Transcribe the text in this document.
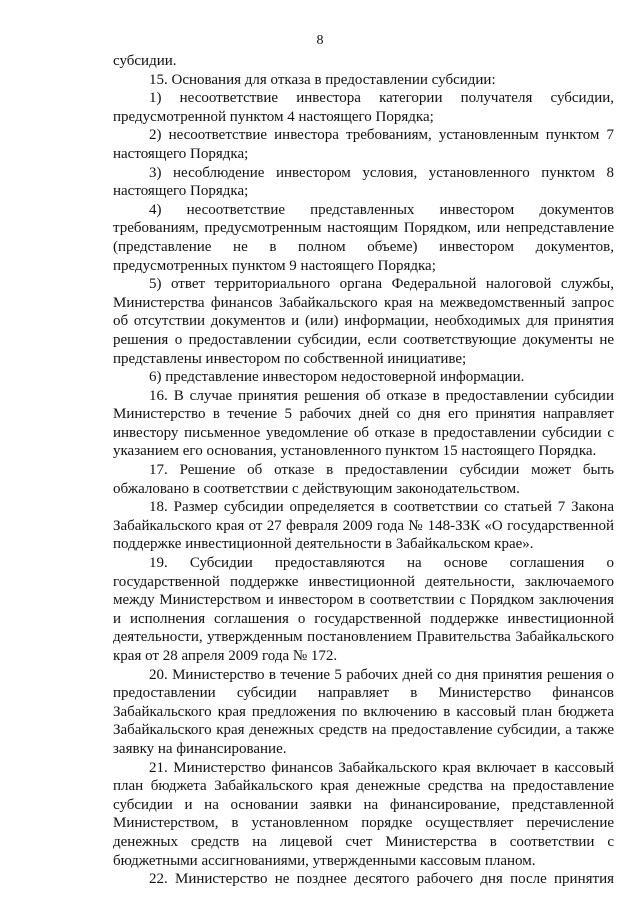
8
субсидии.
15. Основания для отказа в предоставлении субсидии:
1) несоответствие инвестора категории получателя субсидии,
предусмотренной пунктом 4 настоящего Порядка;
2) несоответствие инвестора требованиям, установленным пунктом 7
настоящего Порядка;
3) несоблюдение инвестором условия, установленного пунктом 8
настоящего Порядка;
4) несоответствие представленных инвестором документов
требованиям, предусмотренным настоящим Порядком, или непредставление
(представление не в полном объеме) инвестором документов,
предусмотренных пунктом 9 настоящего Порядка;
5) ответ территориального органа Федеральной налоговой службы,
Министерства финансов Забайкальского края на межведомственный запрос
об отсутствии документов и (или) информации, необходимых для принятия
решения о предоставлении субсидии, если соответствующие документы не
представлены инвестором по собственной инициативе;
6) представление инвестором недостоверной информации.
16. В случае принятия решения об отказе в предоставлении субсидии
Министерство в течение 5 рабочих дней со дня его принятия направляет
инвестору письменное уведомление об отказе в предоставлении субсидии с
указанием его основания, установленного пунктом 15 настоящего Порядка.
17. Решение об отказе в предоставлении субсидии может быть
обжаловано в соответствии с действующим законодательством.
18. Размер субсидии определяется в соответствии со статьей 7 Закона
Забайкальского края от 27 февраля 2009 года № 148-ЗЗК «О государственной
поддержке инвестиционной деятельности в Забайкальском крае».
19. Субсидии предоставляются на основе соглашения о
государственной поддержке инвестиционной деятельности, заключаемого
между Министерством и инвестором в соответствии с Порядком заключения
и исполнения соглашения о государственной поддержке инвестиционной
деятельности, утвержденным постановлением Правительства Забайкальского
края от 28 апреля 2009 года № 172.
20. Министерство в течение 5 рабочих дней со дня принятия решения о
предоставлении субсидии направляет в Министерство финансов
Забайкальского края предложения по включению в кассовый план бюджета
Забайкальского края денежных средств на предоставление субсидии, а также
заявку на финансирование.
21. Министерство финансов Забайкальского края включает в кассовый
план бюджета Забайкальского края денежные средства на предоставление
субсидии и на основании заявки на финансирование, представленной
Министерством, в установленном порядке осуществляет перечисление
денежных средств на лицевой счет Министерства в соответствии с
бюджетными ассигнованиями, утвержденными кассовым планом.
22. Министерство не позднее десятого рабочего дня после принятия
